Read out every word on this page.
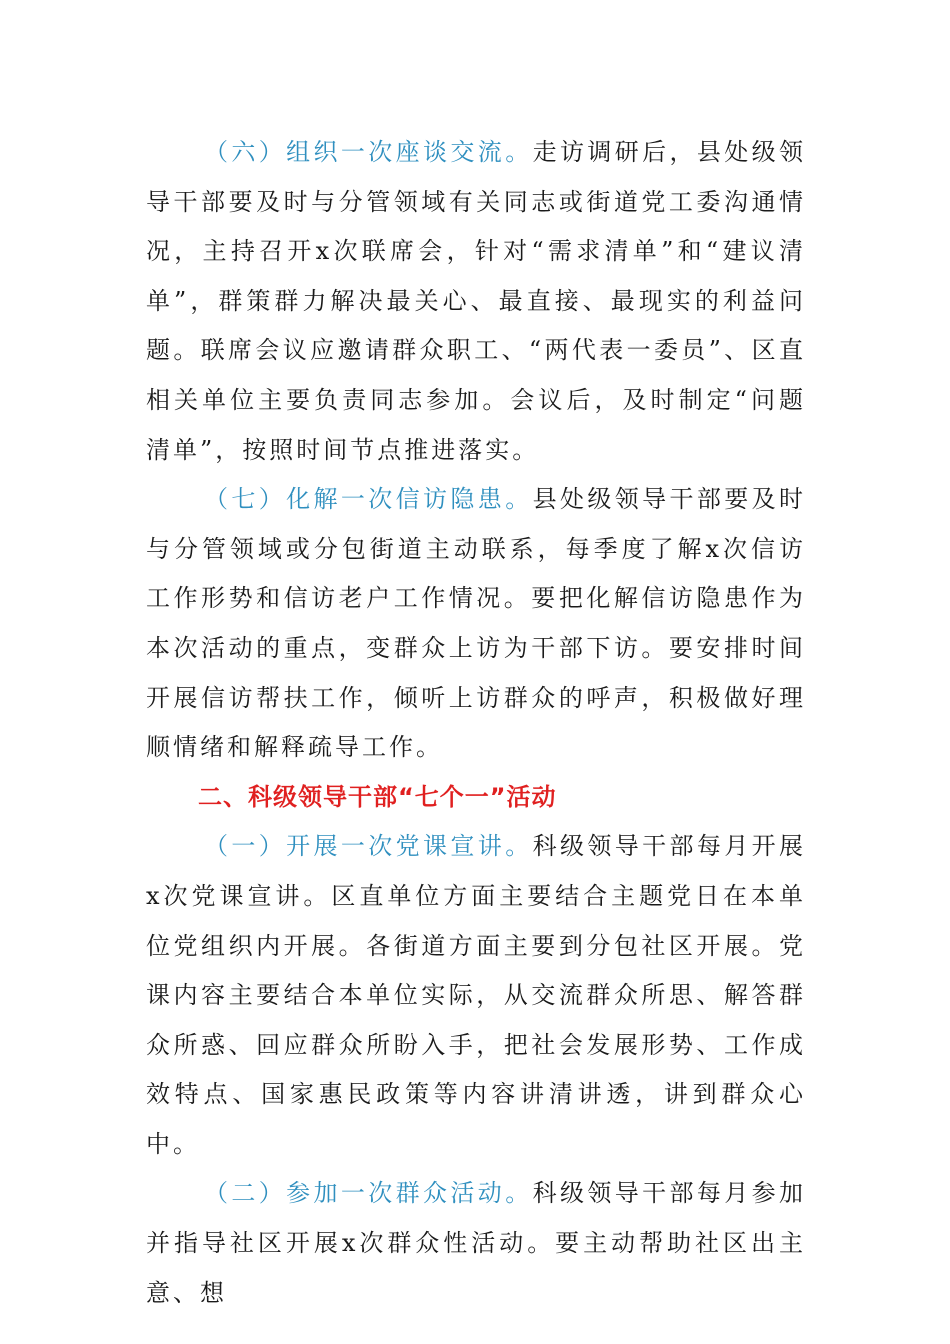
（六）组织一次座谈交流。走访调研后，县处级领导干部要及时与分管领域有关同志或街道党工委沟通情况，主持召开x次联席会，针对“需求清单”和“建议清单”，群策群力解决最关心、最直接、最现实的利益问题。联席会议应邀请群众职工、“两代表一委员”、区直相关单位主要负责同志参加。会议后，及时制定“问题清单”，按照时间节点推进落实。

（七）化解一次信访隐患。县处级领导干部要及时与分管领域或分包街道主动联系，每季度了解x次信访工作形势和信访老户工作情况。要把化解信访隐患作为本次活动的重点，变群众上访为干部下访。要安排时间开展信访帮扶工作，倾听上访群众的呼声，积极做好理顺情绪和解释疏导工作。

二、科级领导干部“七个一”活动

（一）开展一次党课宣讲。科级领导干部每月开展x次党课宣讲。区直单位方面主要结合主题党日在本单位党组织内开展。各街道方面主要到分包社区开展。党课内容主要结合本单位实际，从交流群众所思、解答群众所惑、回应群众所盼入手，把社会发展形势、工作成效特点、国家惠民政策等内容讲清讲透，讲到群众心中。

（二）参加一次群众活动。科级领导干部每月参加并指导社区开展x次群众性活动。要主动帮助社区出主意、想
